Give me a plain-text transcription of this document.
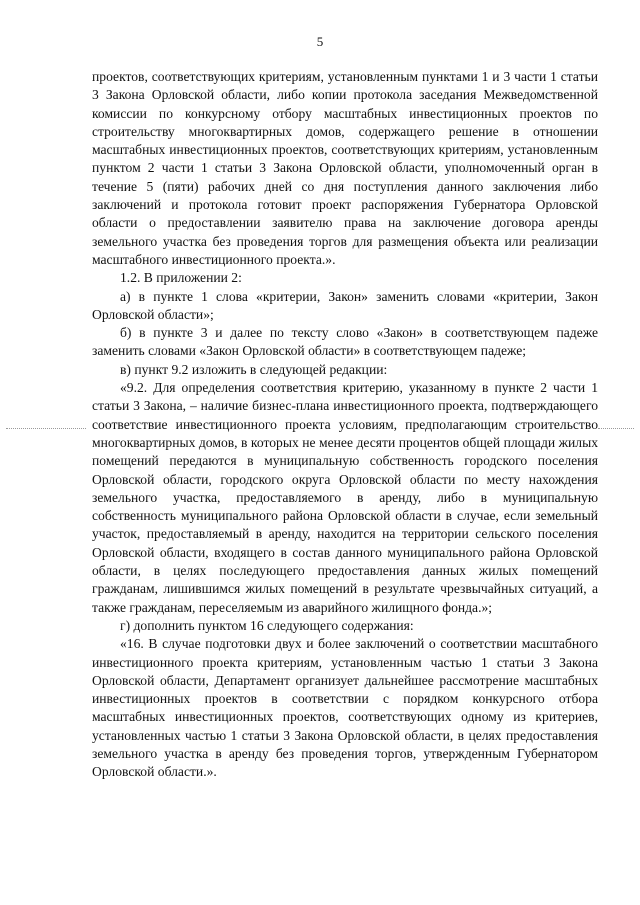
5

проектов, соответствующих критериям, установленным пунктами 1 и 3 части 1 статьи 3 Закона Орловской области, либо копии протокола заседания Межведомственной комиссии по конкурсному отбору масштабных инвестиционных проектов по строительству многоквартирных домов, содержащего решение в отношении масштабных инвестиционных проектов, соответствующих критериям, установленным пунктом 2 части 1 статьи 3 Закона Орловской области, уполномоченный орган в течение 5 (пяти) рабочих дней со дня поступления данного заключения либо заключений и протокола готовит проект распоряжения Губернатора Орловской области о предоставлении заявителю права на заключение договора аренды земельного участка без проведения торгов для размещения объекта или реализации масштабного инвестиционного проекта.».

1.2. В приложении 2:

а) в пункте 1 слова «критерии, Закон» заменить словами «критерии, Закон Орловской области»;

б) в пункте 3 и далее по тексту слово «Закон» в соответствующем падеже заменить словами «Закон Орловской области» в соответствующем падеже;

в) пункт 9.2 изложить в следующей редакции:

«9.2. Для определения соответствия критерию, указанному в пункте 2 части 1 статьи 3 Закона, – наличие бизнес-плана инвестиционного проекта, подтверждающего соответствие инвестиционного проекта условиям, предполагающим строительство многоквартирных домов, в которых не менее десяти процентов общей площади жилых помещений передаются в муниципальную собственность городского поселения Орловской области, городского округа Орловской области по месту нахождения земельного участка, предоставляемого в аренду, либо в муниципальную собственность муниципального района Орловской области в случае, если земельный участок, предоставляемый в аренду, находится на территории сельского поселения Орловской области, входящего в состав данного муниципального района Орловской области, в целях последующего предоставления данных жилых помещений гражданам, лишившимся жилых помещений в результате чрезвычайных ситуаций, а также гражданам, переселяемым из аварийного жилищного фонда.»;

г) дополнить пунктом 16 следующего содержания:

«16. В случае подготовки двух и более заключений о соответствии масштабного инвестиционного проекта критериям, установленным частью 1 статьи 3 Закона Орловской области, Департамент организует дальнейшее рассмотрение масштабных инвестиционных проектов в соответствии с порядком конкурсного отбора масштабных инвестиционных проектов, соответствующих одному из критериев, установленных частью 1 статьи 3 Закона Орловской области, в целях предоставления земельного участка в аренду без проведения торгов, утвержденным Губернатором Орловской области.».
